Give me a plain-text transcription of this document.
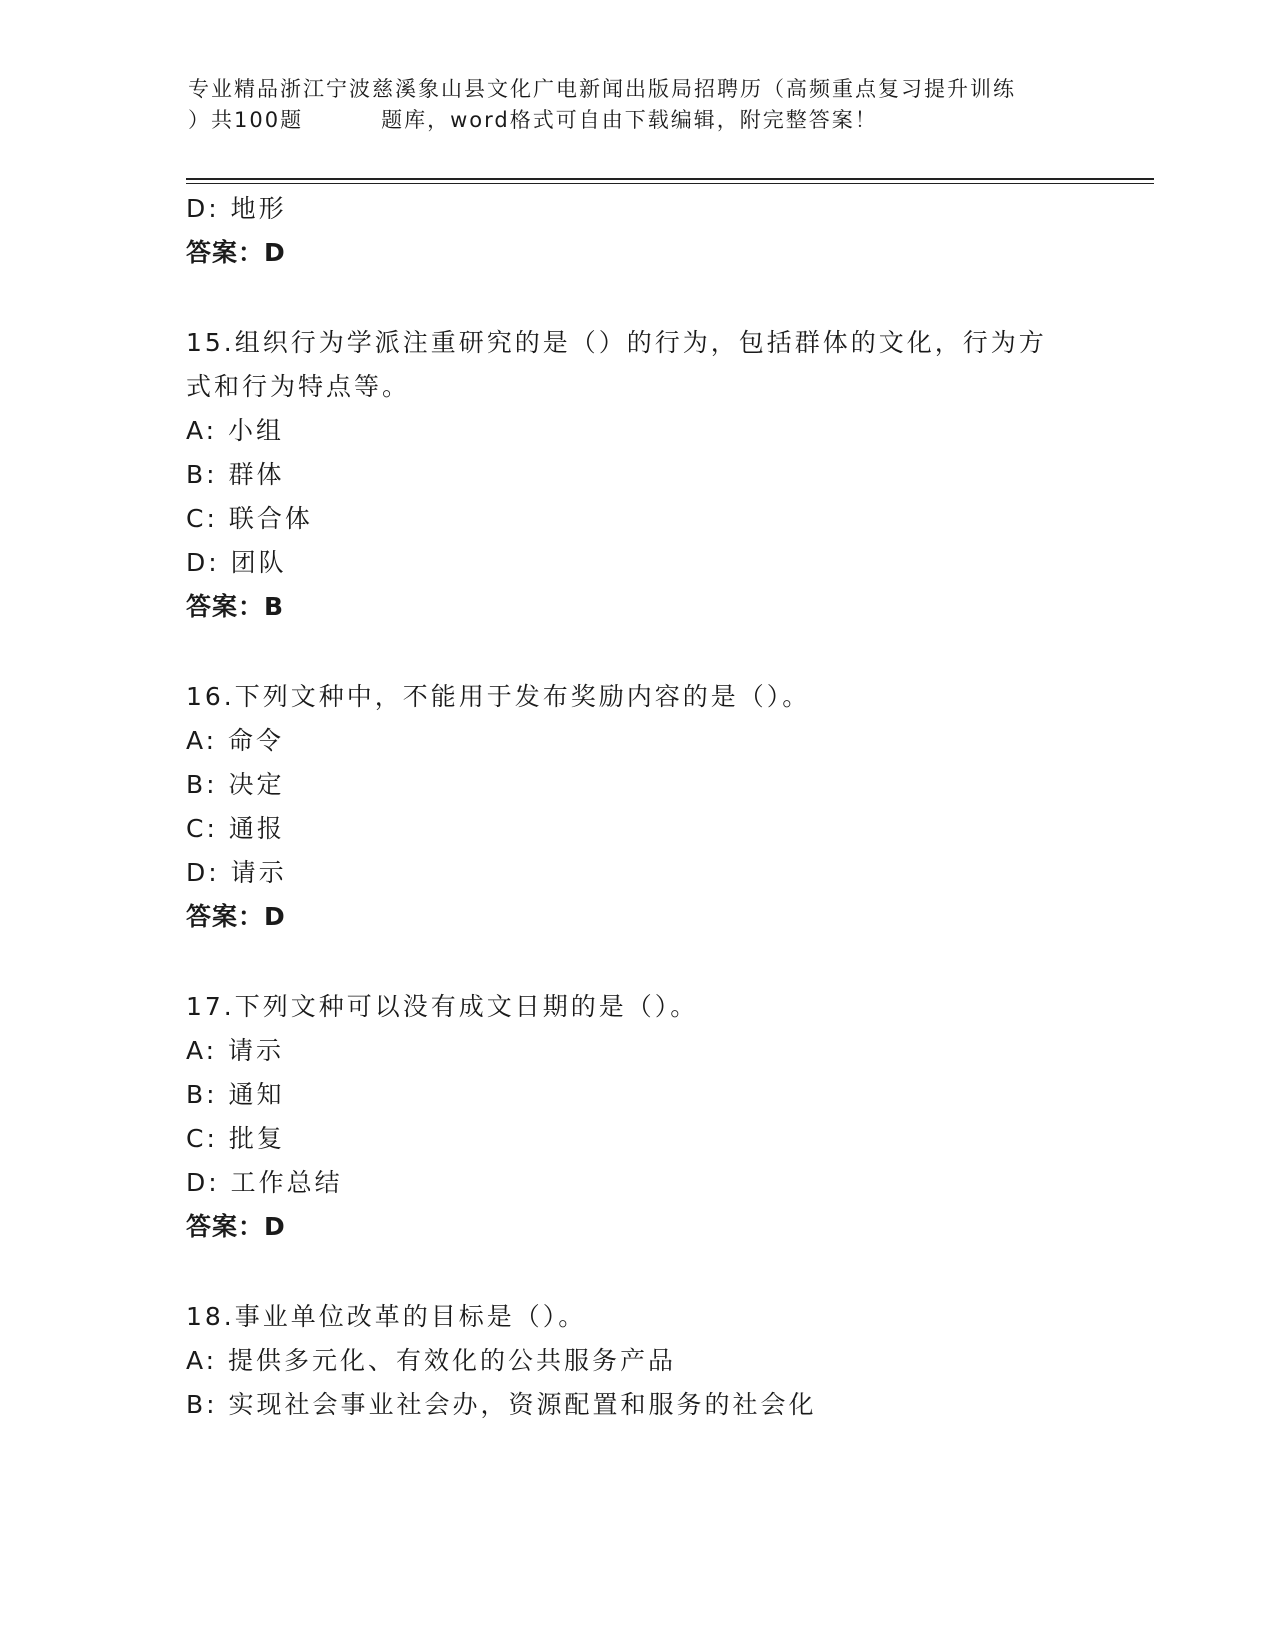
专业精品浙江宁波慈溪象山县文化广电新闻出版局招聘历（高频重点复习提升训练
）共100题	题库，word格式可自由下载编辑，附完整答案！
D: 地形
答案：D
15.组织行为学派注重研究的是（）的行为，包括群体的文化，行为方
式和行为特点等。
A: 小组
B: 群体
C: 联合体
D: 团队
答案：B
16.下列文种中，不能用于发布奖励内容的是（）。
A: 命令
B: 决定
C: 通报
D: 请示
答案：D
17.下列文种可以没有成文日期的是（）。
A: 请示
B: 通知
C: 批复
D: 工作总结
答案：D
18.事业单位改革的目标是（）。
A: 提供多元化、有效化的公共服务产品
B: 实现社会事业社会办，资源配置和服务的社会化
